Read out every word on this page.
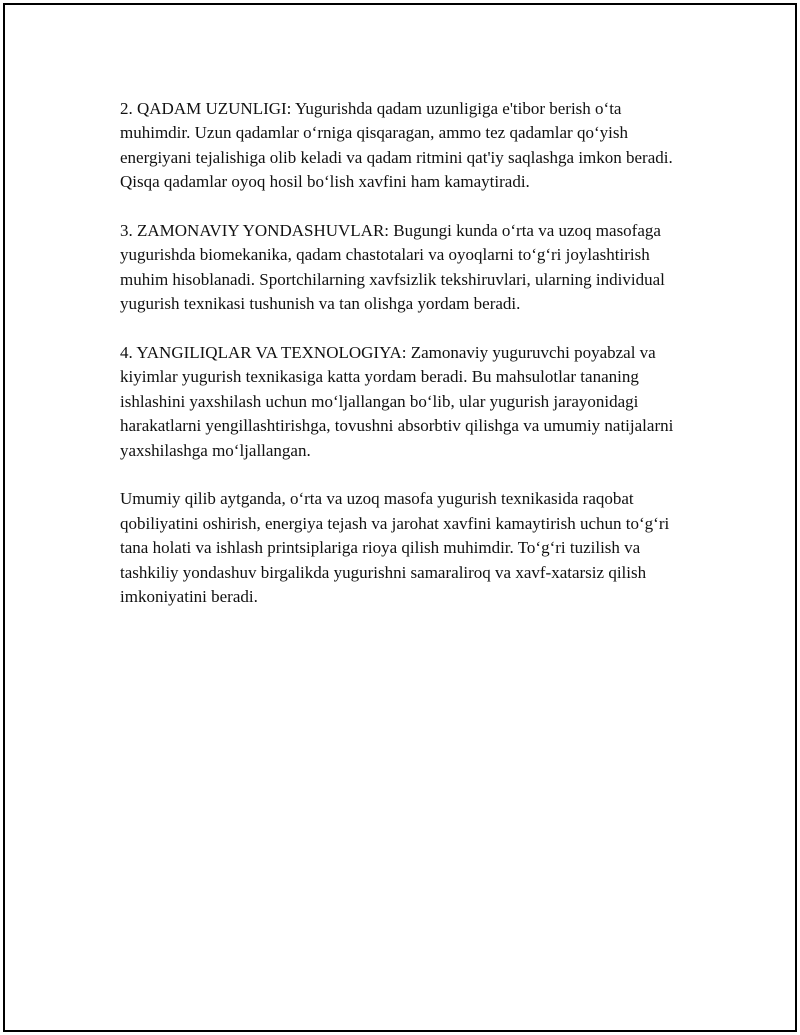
2. QADAM UZUNLIGI: Yugurishda qadam uzunligiga e'tibor berish o‘ta muhimdir. Uzun qadamlar o‘rniga qisqaragan, ammo tez qadamlar qo‘yish energiyani tejalishiga olib keladi va qadam ritmini qat'iy saqlashga imkon beradi. Qisqa qadamlar oyoq hosil bo‘lish xavfini ham kamaytiradi.

3. ZAMONAVIY YONDASHUVLAR: Bugungi kunda o‘rta va uzoq masofaga yugurishda biomekanika, qadam chastotalari va oyoqlarni to‘g‘ri joylashtirish muhim hisoblanadi. Sportchilarning xavfsizlik tekshiruvlari, ularning individual yugurish texnikasi tushunish va tan olishga yordam beradi.

4. YANGILIQLAR VA TEXNOLOGIYA: Zamonaviy yuguruvchi poyabzal va kiyimlar yugurish texnikasiga katta yordam beradi. Bu mahsulotlar tananing ishlashini yaxshilash uchun mo‘ljallangan bo‘lib, ular yugurish jarayonidagi harakatlarni yengillashtirishga, tovushni absorbtiv qilishga va umumiy natijalarni yaxshilashga mo‘ljallangan.

Umumiy qilib aytganda, o‘rta va uzoq masofa yugurish texnikasida raqobat qobiliyatini oshirish, energiya tejash va jarohat xavfini kamaytirish uchun to‘g‘ri tana holati va ishlash printsiplariga rioya qilish muhimdir. To‘g‘ri tuzilish va tashkiliy yondashuv birgalikda yugurishni samaraliroq va xavf-xatarsiz qilish imkoniyatini beradi.
